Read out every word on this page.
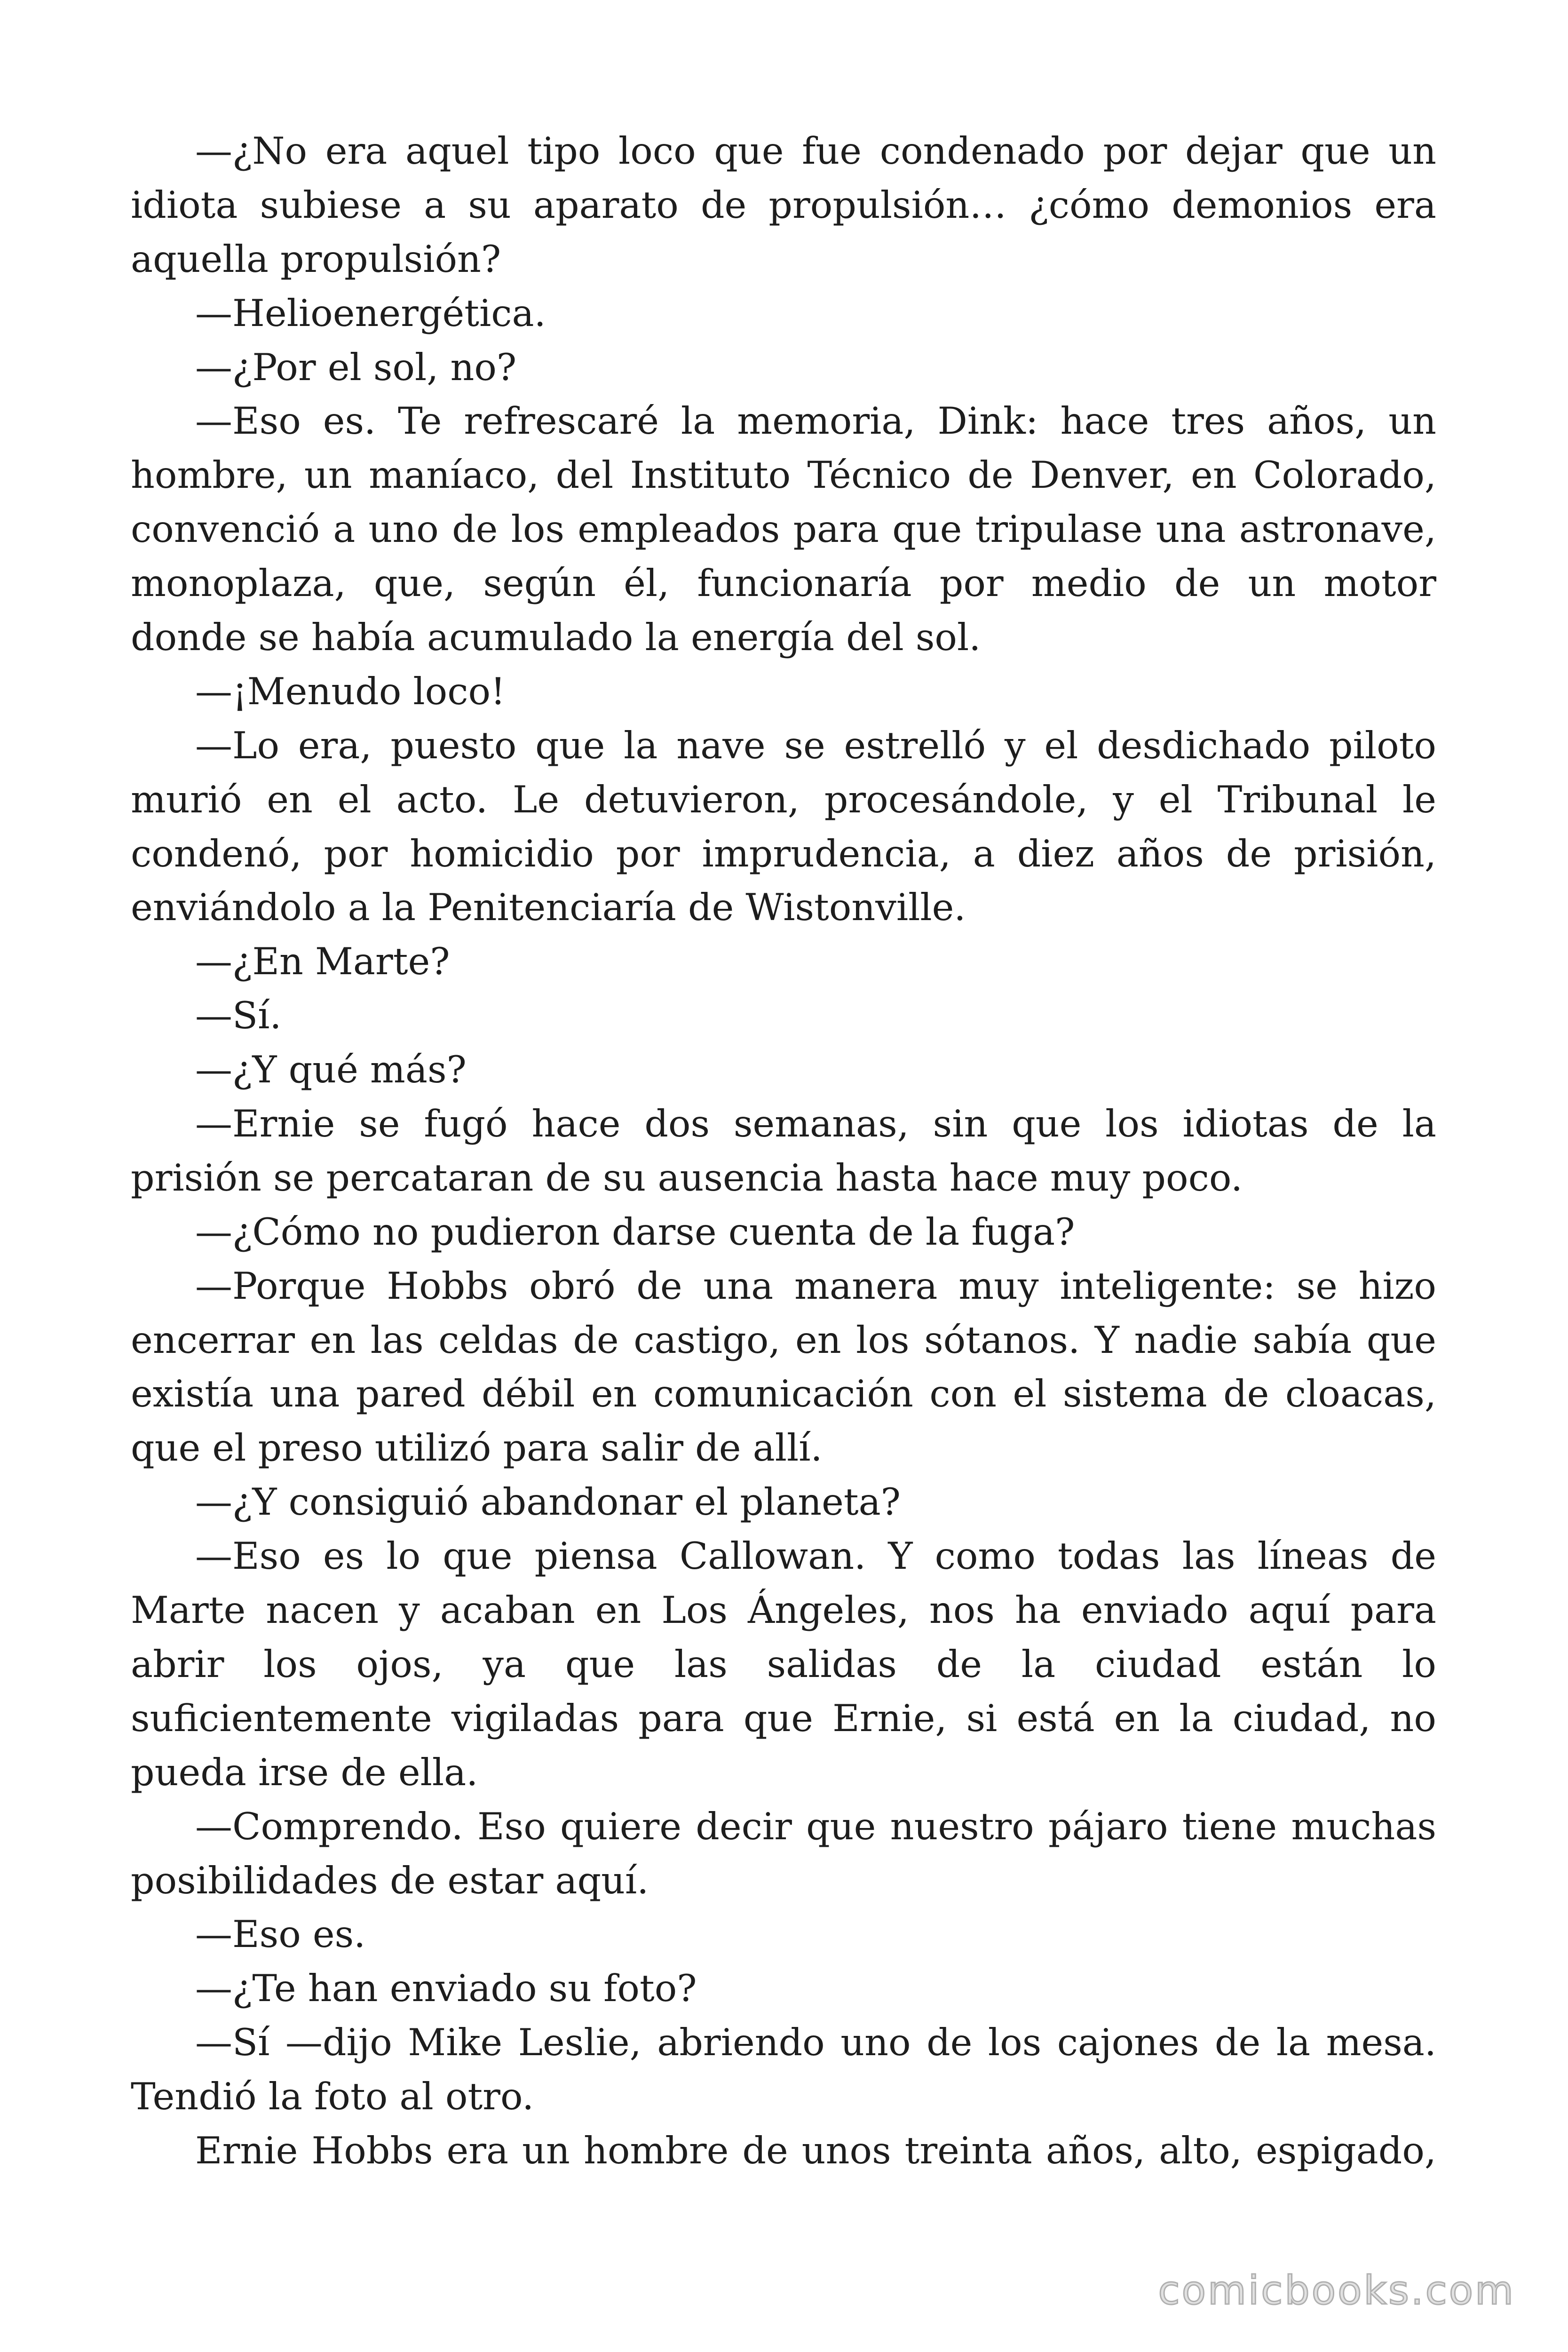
—¿No era aquel tipo loco que fue condenado por dejar que un
idiota subiese a su aparato de propulsión… ¿cómo demonios era
aquella propulsión?
—Helioenergética.
—¿Por el sol, no?
—Eso es. Te refrescaré la memoria, Dink: hace tres años, un
hombre, un maníaco, del Instituto Técnico de Denver, en Colorado,
convenció a uno de los empleados para que tripulase una astronave,
monoplaza, que, según él, funcionaría por medio de un motor
donde se había acumulado la energía del sol.
—¡Menudo loco!
—Lo era, puesto que la nave se estrelló y el desdichado piloto
murió en el acto. Le detuvieron, procesándole, y el Tribunal le
condenó, por homicidio por imprudencia, a diez años de prisión,
enviándolo a la Penitenciaría de Wistonville.
—¿En Marte?
—Sí.
—¿Y qué más?
—Ernie se fugó hace dos semanas, sin que los idiotas de la
prisión se percataran de su ausencia hasta hace muy poco.
—¿Cómo no pudieron darse cuenta de la fuga?
—Porque Hobbs obró de una manera muy inteligente: se hizo
encerrar en las celdas de castigo, en los sótanos. Y nadie sabía que
existía una pared débil en comunicación con el sistema de cloacas,
que el preso utilizó para salir de allí.
—¿Y consiguió abandonar el planeta?
—Eso es lo que piensa Callowan. Y como todas las líneas de
Marte nacen y acaban en Los Ángeles, nos ha enviado aquí para
abrir los ojos, ya que las salidas de la ciudad están lo
suficientemente vigiladas para que Ernie, si está en la ciudad, no
pueda irse de ella.
—Comprendo. Eso quiere decir que nuestro pájaro tiene muchas
posibilidades de estar aquí.
—Eso es.
—¿Te han enviado su foto?
—Sí —dijo Mike Leslie, abriendo uno de los cajones de la mesa.
Tendió la foto al otro.
Ernie Hobbs era un hombre de unos treinta años, alto, espigado,
comicbooks.com
